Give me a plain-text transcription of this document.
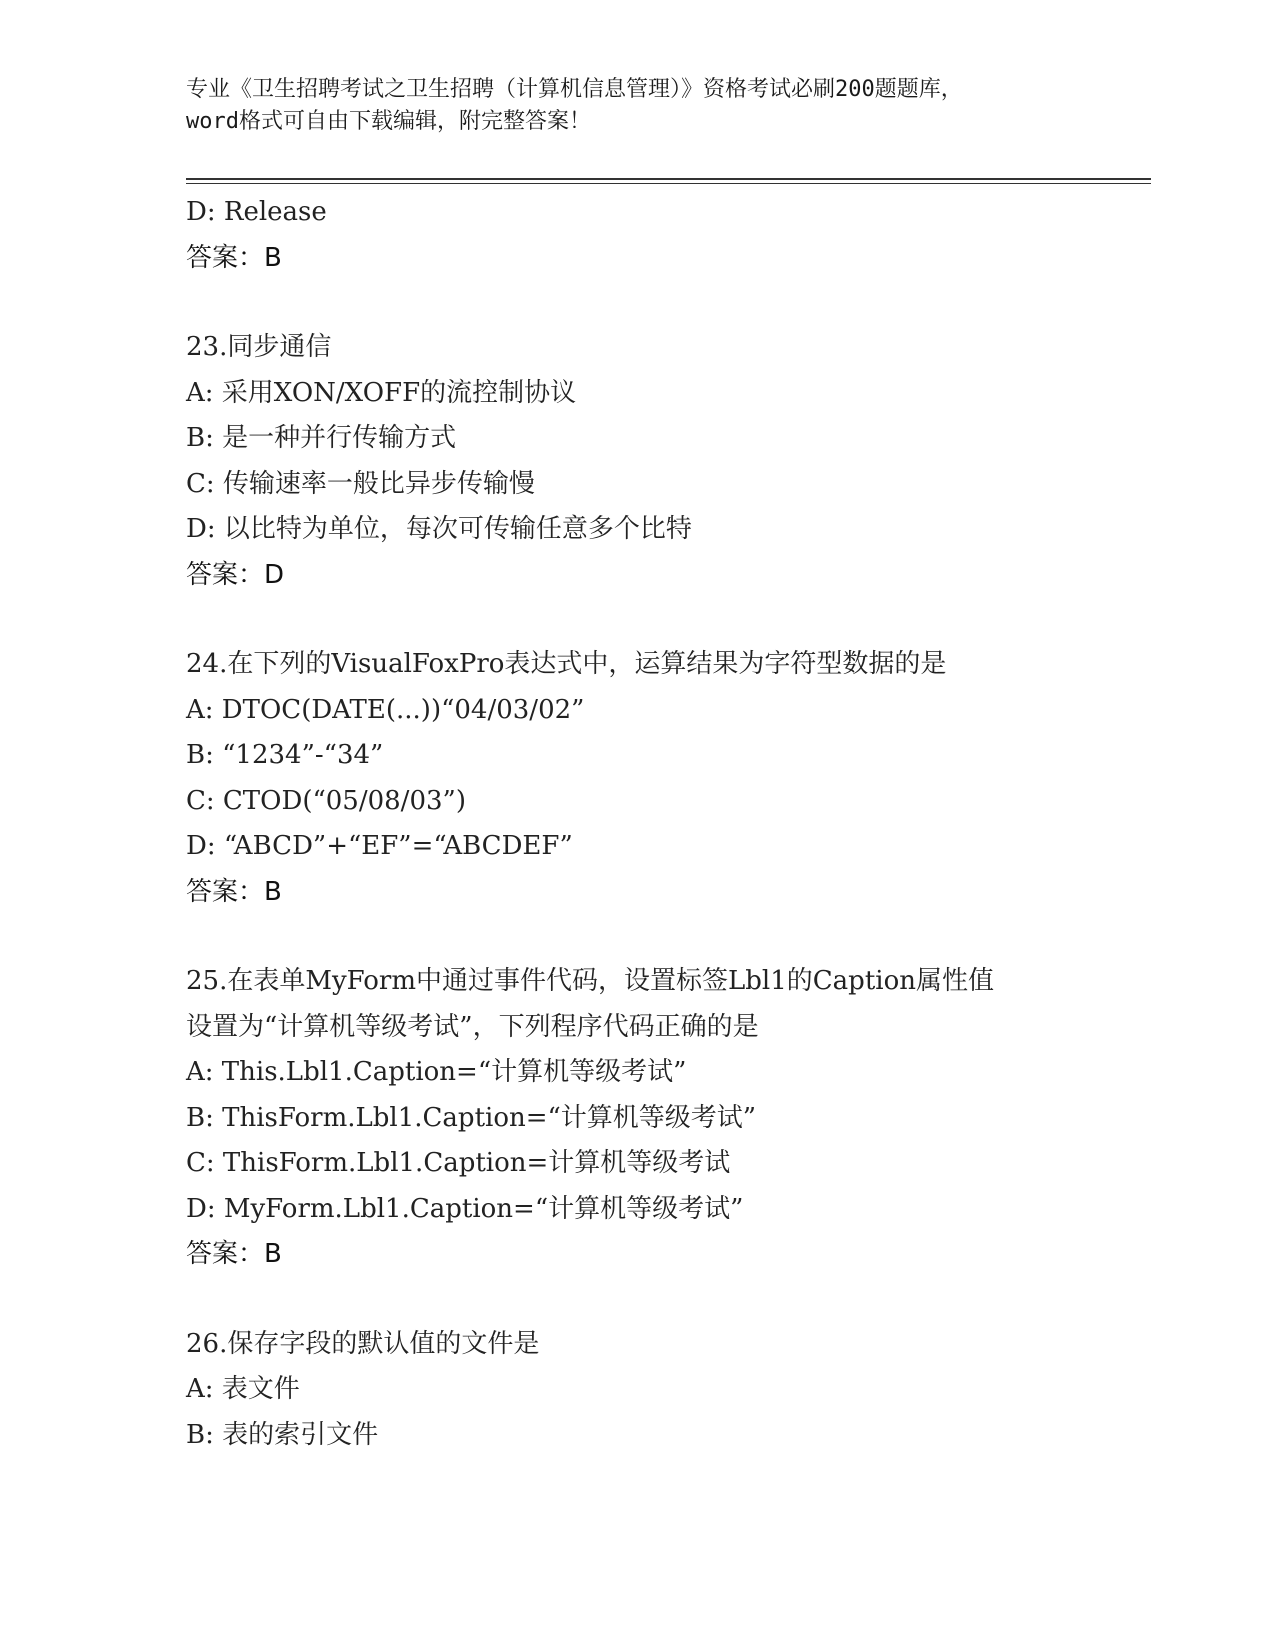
专业《卫生招聘考试之卫生招聘（计算机信息管理）》资格考试必刷200题题库，
word格式可自由下载编辑，附完整答案！
D: Release
答案：B
23.同步通信
A: 采用XON/XOFF的流控制协议
B: 是一种并行传输方式
C: 传输速率一般比异步传输慢
D: 以比特为单位，每次可传输任意多个比特
答案：D
24.在下列的VisualFoxPro表达式中，运算结果为字符型数据的是
A: DTOC(DATE(...))“04/03/02”
B: “1234”-“34”
C: CTOD(“05/08/03”)
D: “ABCD”+“EF”=“ABCDEF”
答案：B
25.在表单MyForm中通过事件代码，设置标签Lbl1的Caption属性值
设置为“计算机等级考试”，下列程序代码正确的是
A: This.Lbl1.Caption=“计算机等级考试”
B: ThisForm.Lbl1.Caption=“计算机等级考试”
C: ThisForm.Lbl1.Caption=计算机等级考试
D: MyForm.Lbl1.Caption=“计算机等级考试”
答案：B
26.保存字段的默认值的文件是
A: 表文件
B: 表的索引文件
